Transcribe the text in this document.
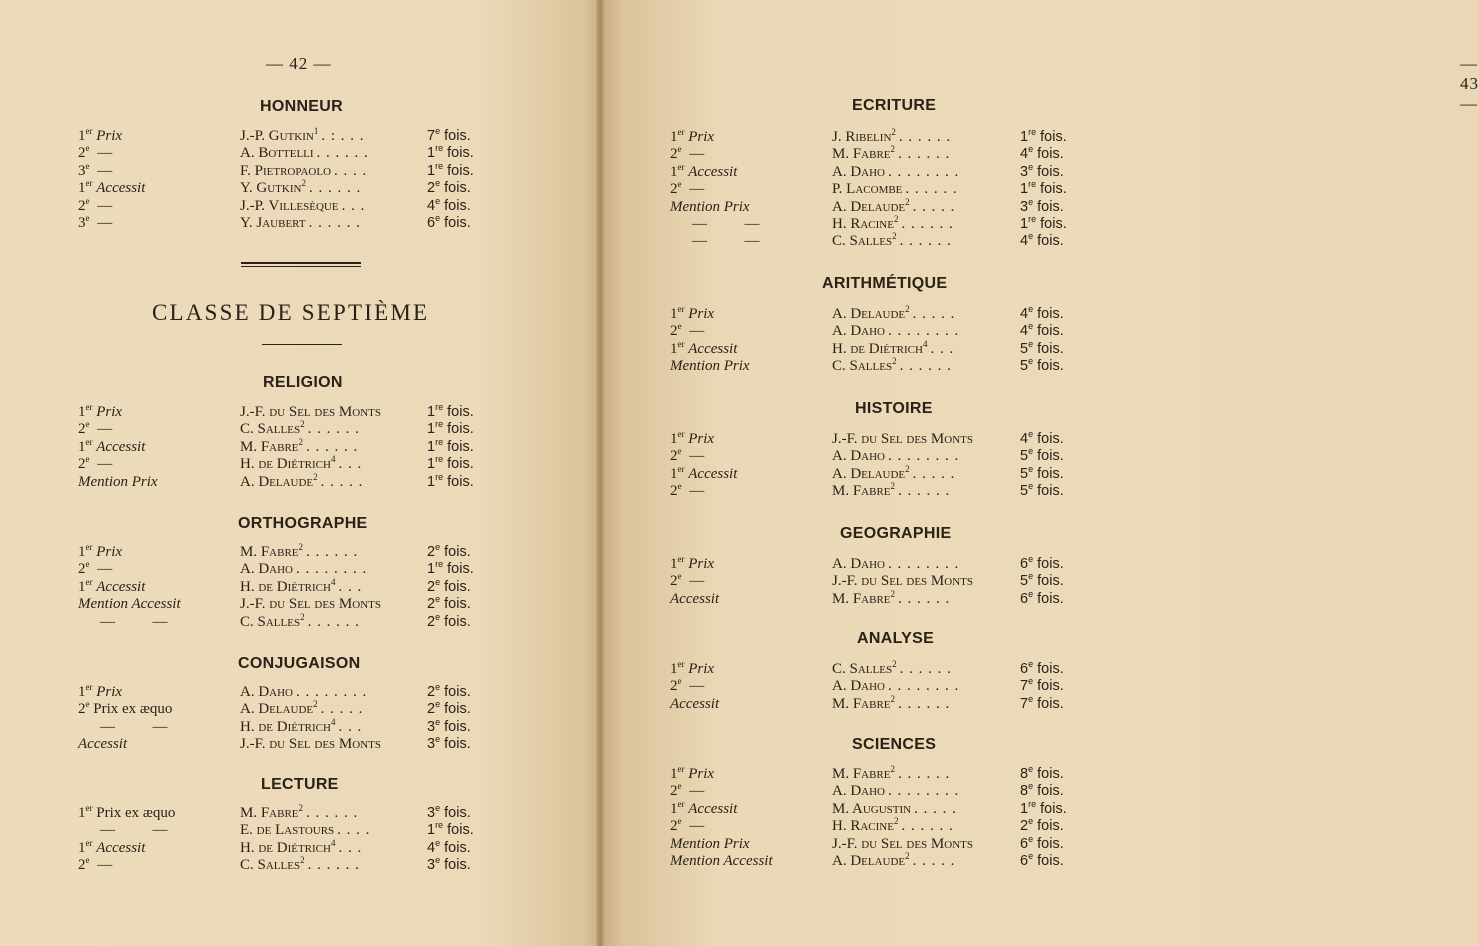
— 42 —
CLASSE DE SEPTIÈME
HONNEUR
1er Prix	J.-P. Gutkin$^1$ . : . . .	7e fois.
2e —	A. Bottelli . . . . . .	1re fois.
3e —	F. Pietropaolo . . . .	1re fois.
1er Accessit	Y. Gutkin$^2$ . . . . . .	2e fois.
2e —	J.-P. Villesèque . . .	4e fois.
3e —	Y. Jaubert . . . . . .	6e fois.
RELIGION
1er Prix	J.-F. du Sel des Monts	1re fois.
2e —	C. Salles$^2$ . . . . . .	1re fois.
1er Accessit	M. Fabre$^2$ . . . . . .	1re fois.
2e —	H. de Diétrich$^4$ . . .	1re fois.
Mention Prix	A. Delaude$^2$ . . . . .	1re fois.
ORTHOGRAPHE
1er Prix	M. Fabre$^2$ . . . . . .	2e fois.
2e —	A. Daho . . . . . . . .	1re fois.
1er Accessit	H. de Diétrich$^4$ . . .	2e fois.
Mention Accessit	J.-F. du Sel des Monts	2e fois.
—          —	C. Salles$^2$ . . . . . .	2e fois.
CONJUGAISON
1er Prix	A. Daho . . . . . . . .	2e fois.
2e Prix ex æquo	A. Delaude$^2$ . . . . .	2e fois.
—          —	H. de Diétrich$^4$ . . .	3e fois.
Accessit	J.-F. du Sel des Monts	3e fois.
LECTURE
1er Prix ex æquo	M. Fabre$^2$ . . . . . .	3e fois.
—          —	E. de Lastours . . . .	1re fois.
1er Accessit	H. de Diétrich$^4$ . . .	4e fois.
2e —	C. Salles$^2$ . . . . . .	3e fois.
— 43 —
ECRITURE
1er Prix	J. Ribelin$^2$ . . . . . .	1re fois.
2e —	M. Fabre$^2$ . . . . . .	4e fois.
1er Accessit	A. Daho . . . . . . . .	3e fois.
2e —	P. Lacombe . . . . . .	1re fois.
Mention Prix	A. Delaude$^2$ . . . . .	3e fois.
—          —	H. Racine$^2$ . . . . . .	1re fois.
—          —	C. Salles$^2$ . . . . . .	4e fois.
ARITHMÉTIQUE
1er Prix	A. Delaude$^2$ . . . . .	4e fois.
2e —	A. Daho . . . . . . . .	4e fois.
1er Accessit	H. de Diétrich$^4$ . . .	5e fois.
Mention Prix	C. Salles$^2$ . . . . . .	5e fois.
HISTOIRE
1er Prix	J.-F. du Sel des Monts	4e fois.
2e —	A. Daho . . . . . . . .	5e fois.
1er Accessit	A. Delaude$^2$ . . . . .	5e fois.
2e —	M. Fabre$^2$ . . . . . .	5e fois.
GEOGRAPHIE
1er Prix	A. Daho . . . . . . . .	6e fois.
2e —	J.-F. du Sel des Monts	5e fois.
Accessit	M. Fabre$^2$ . . . . . .	6e fois.
ANALYSE
1er Prix	C. Salles$^2$ . . . . . .	6e fois.
2e —	A. Daho . . . . . . . .	7e fois.
Accessit	M. Fabre$^2$ . . . . . .	7e fois.
SCIENCES
1er Prix	M. Fabre$^2$ . . . . . .	8e fois.
2e —	A. Daho . . . . . . . .	8e fois.
1er Accessit	M. Augustin . . . . .	1re fois.
2e —	H. Racine$^2$ . . . . . .	2e fois.
Mention Prix	J.-F. du Sel des Monts	6e fois.
Mention Accessit	A. Delaude$^2$ . . . . .	6e fois.
